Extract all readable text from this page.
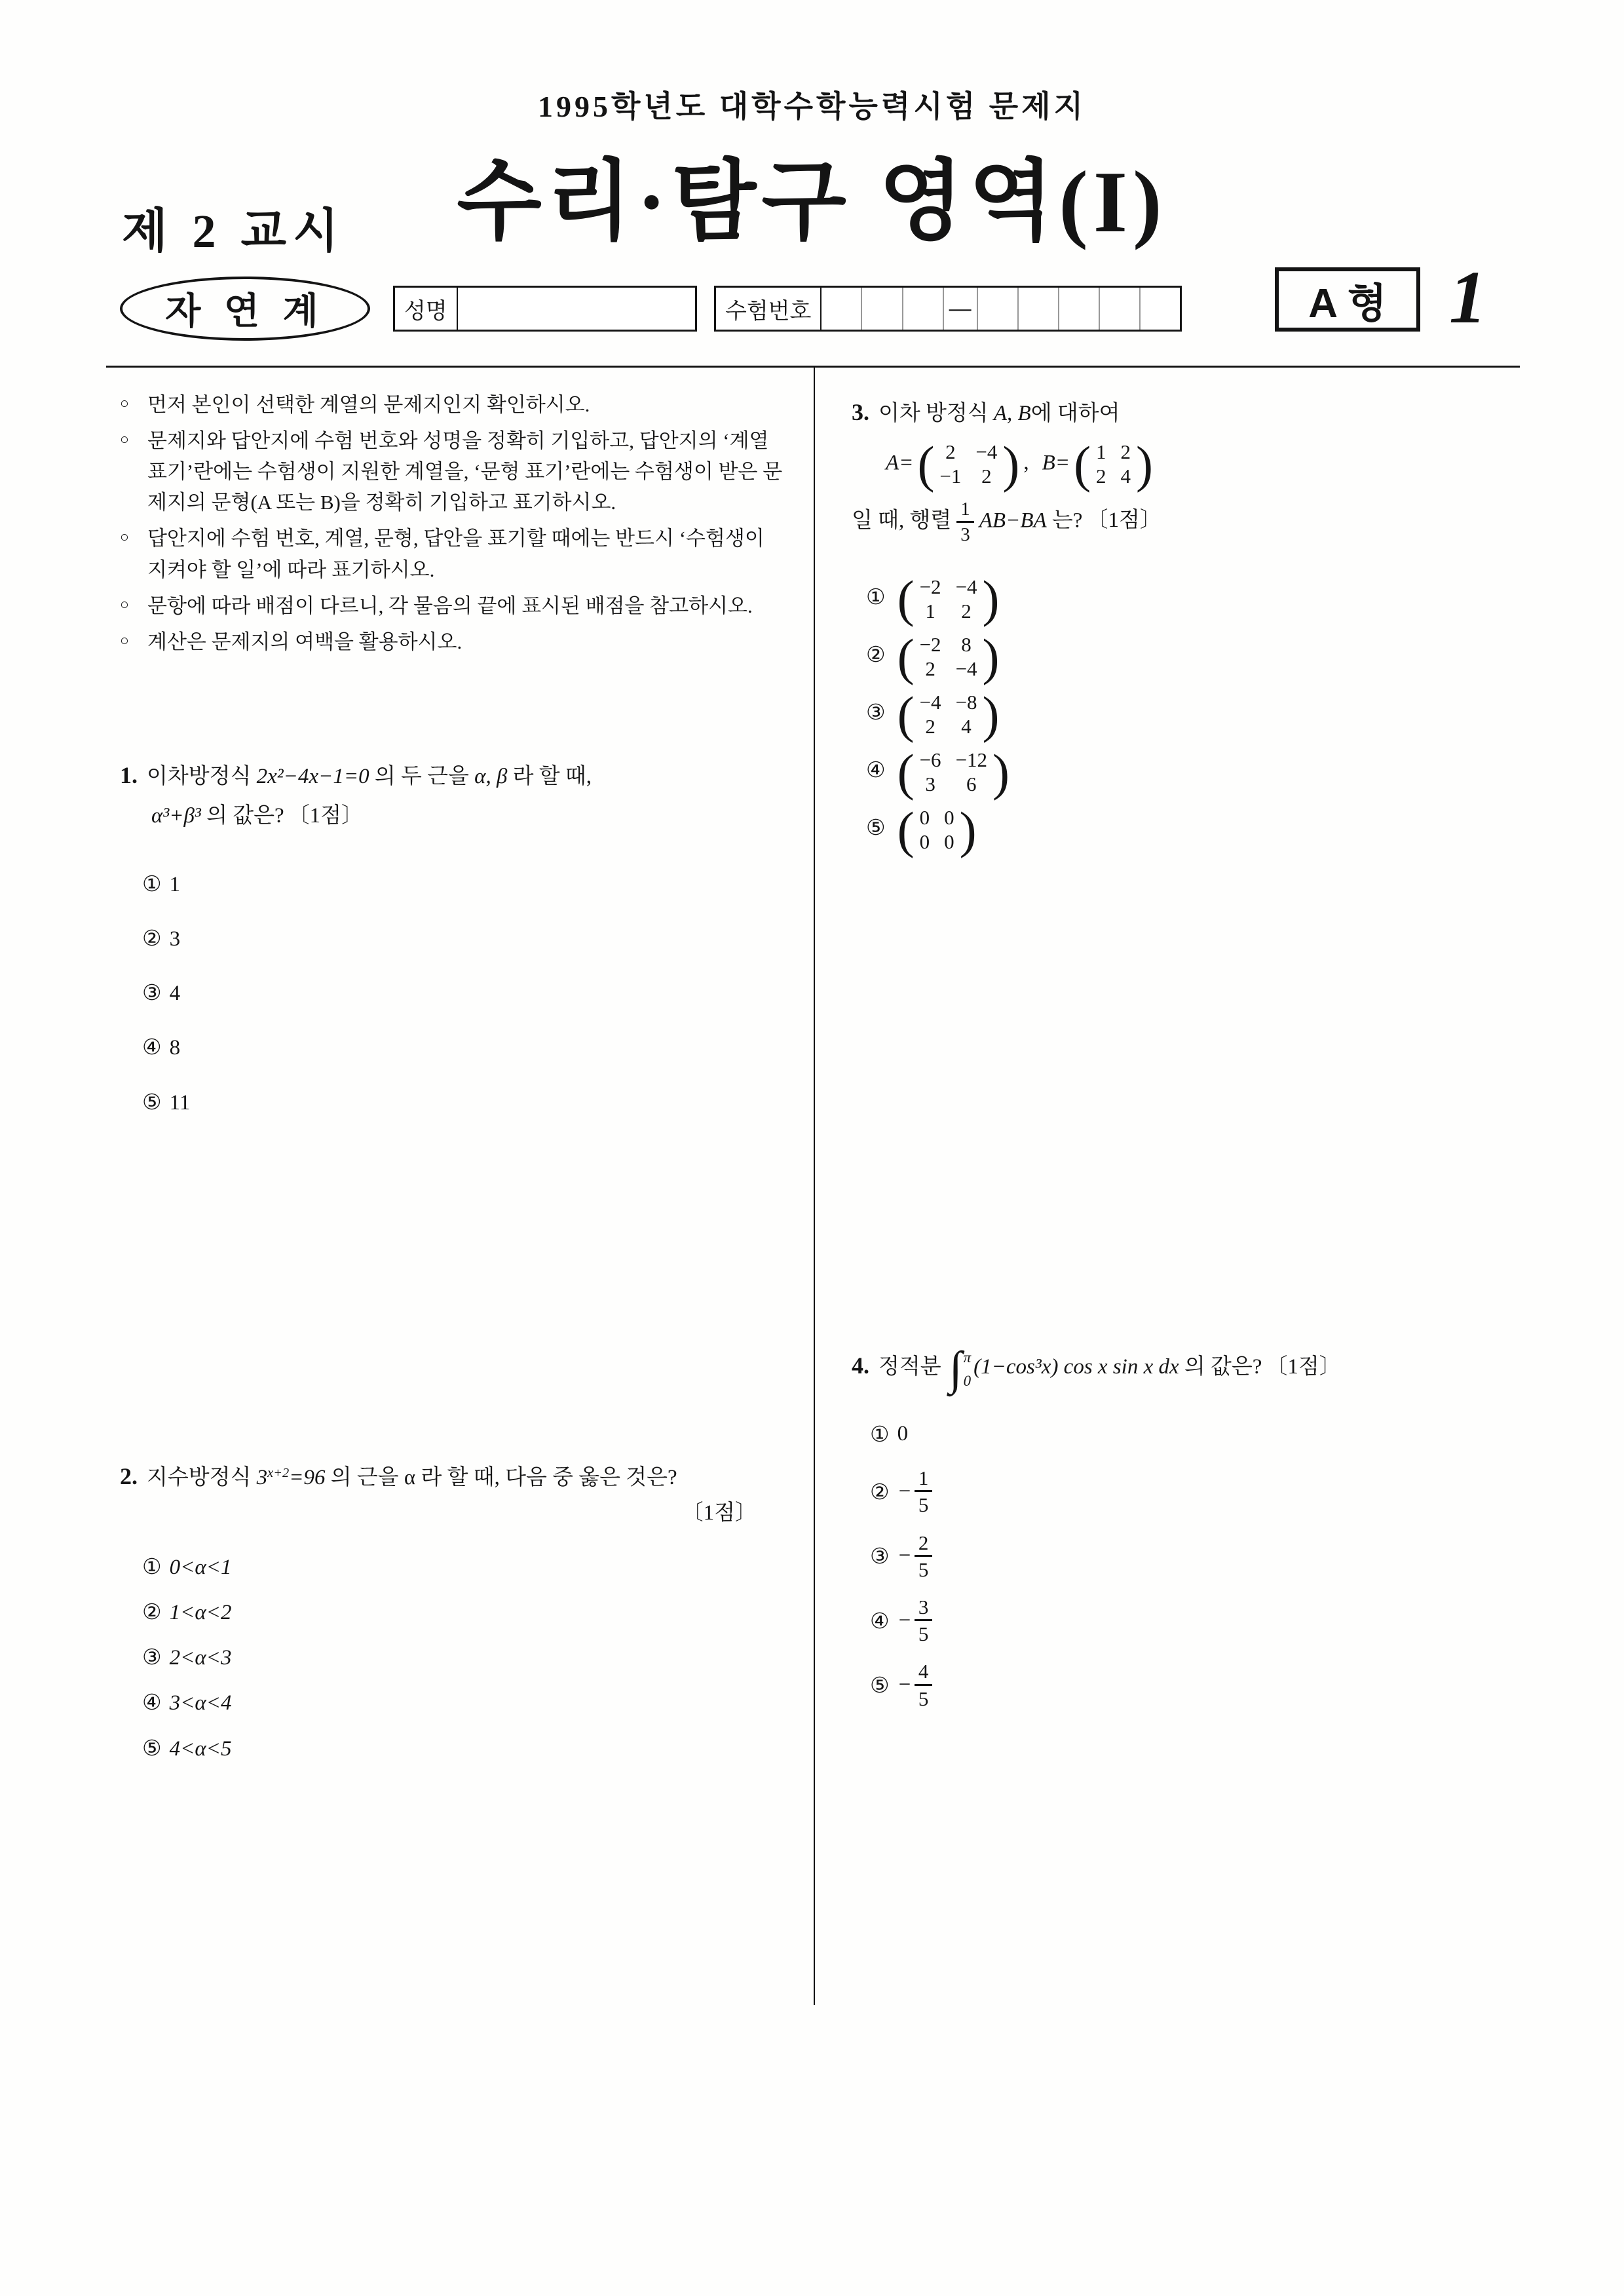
1995학년도 대학수학능력시험 문제지
제 2 교시	수리·탐구 영역(I)
자 연 계	성명	수험번호	—	A 형 1
○ 먼저 본인이 선택한 계열의 문제지인지 확인하시오.
○ 문제지와 답안지에 수험 번호와 성명을 정확히 기입하고, 답안지의 ‘계열 표기’란에는 수험생이 지원한 계열을, ‘문형 표기’란에는 수험생이 받은 문제지의 문형(A 또는 B)을 정확히 기입하고 표기하시오.
○ 답안지에 수험 번호, 계열, 문형, 답안을 표기할 때에는 반드시 ‘수험생이 지켜야 할 일’에 따라 표기하시오.
○ 문항에 따라 배점이 다르니, 각 물음의 끝에 표시된 배점을 참고하시오.
○ 계산은 문제지의 여백을 활용하시오.
1. 이차방정식 2x²−4x−1=0 의 두 근을 α, β 라 할 때,
α³+β³ 의 값은? 〔1점〕
① 1
② 3
③ 4
④ 8
⑤ 11
2. 지수방정식 $3^{x+2}=96$ 의 근을 α 라 할 때, 다음 중 옳은 것은?
〔1점〕
① 0<α<1
② 1<α<2
③ 2<α<3
④ 3<α<4
⑤ 4<α<5
3. 이차 방정식 A, B에 대하여
A= ( 2 −4
−1 2 ) , B= ( 1 2
2 4 )
일 때, 행렬 $\frac{1}{3} AB-BA$ 는? 〔1점〕
① ( −2 −4
1 2 )
② ( −2 8
2 −4 )
③ ( −4 −8
2 4 )
④ ( −6 −12
3 6 )
⑤ ( 0 0
0 0 )
4. 정적분 ∫ π
0
(1−cos³x) cos x sin x dx 의 값은? 〔1점〕
① 0
② − $\frac{1}{5}$
③ − $\frac{2}{5}$
④ − $\frac{3}{5}$
⑤ − $\frac{4}{5}$
